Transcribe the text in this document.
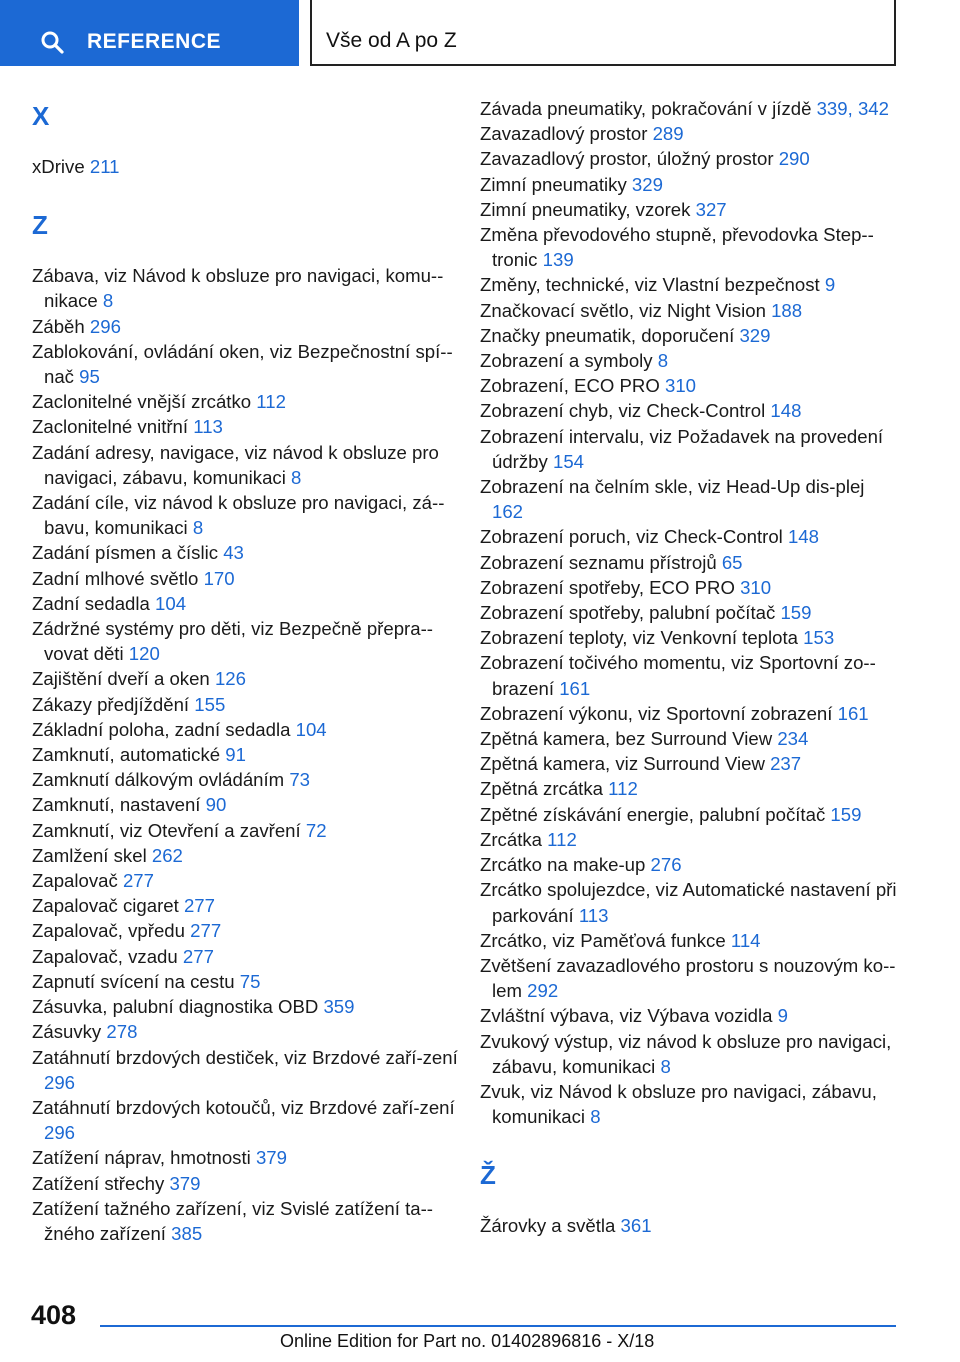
REFERENCE	Vše od A po Z
X
xDrive 211
Z
Zábava, viz Návod k obsluze pro navigaci, komu-nikace 8
Záběh 296
Zablokování, ovládání oken, viz Bezpečnostní spí-nač 95
Zaclonitelné vnější zrcátko 112
Zaclonitelné vnitřní 113
Zadání adresy, navigace, viz návod k obsluze pro navigaci, zábavu, komunikaci 8
Zadání cíle, viz návod k obsluze pro navigaci, zá-bavu, komunikaci 8
Zadání písmen a číslic 43
Zadní mlhové světlo 170
Zadní sedadla 104
Zádržné systémy pro děti, viz Bezpečně přepra-vovat děti 120
Zajištění dveří a oken 126
Zákazy předjíždění 155
Základní poloha, zadní sedadla 104
Zamknutí, automatické 91
Zamknutí dálkovým ovládáním 73
Zamknutí, nastavení 90
Zamknutí, viz Otevření a zavření 72
Zamlžení skel 262
Zapalovač 277
Zapalovač cigaret 277
Zapalovač, vpředu 277
Zapalovač, vzadu 277
Zapnutí svícení na cestu 75
Zásuvka, palubní diagnostika OBD 359
Zásuvky 278
Zatáhnutí brzdových destiček, viz Brzdové zaří-zení 296
Zatáhnutí brzdových kotoučů, viz Brzdové zaří-zení 296
Zatížení náprav, hmotnosti 379
Zatížení střechy 379
Zatížení tažného zařízení, viz Svislé zatížení ta-žného zařízení 385
Závada pneumatiky, pokračování v jízdě 339, 342
Zavazadlový prostor 289
Zavazadlový prostor, úložný prostor 290
Zimní pneumatiky 329
Zimní pneumatiky, vzorek 327
Změna převodového stupně, převodovka Step-tronic 139
Změny, technické, viz Vlastní bezpečnost 9
Značkovací světlo, viz Night Vision 188
Značky pneumatik, doporučení 329
Zobrazení a symboly 8
Zobrazení, ECO PRO 310
Zobrazení chyb, viz Check-Control 148
Zobrazení intervalu, viz Požadavek na provedení údržby 154
Zobrazení na čelním skle, viz Head-Up dis-plej 162
Zobrazení poruch, viz Check-Control 148
Zobrazení seznamu přístrojů 65
Zobrazení spotřeby, ECO PRO 310
Zobrazení spotřeby, palubní počítač 159
Zobrazení teploty, viz Venkovní teplota 153
Zobrazení točivého momentu, viz Sportovní zo-brazení 161
Zobrazení výkonu, viz Sportovní zobrazení 161
Zpětná kamera, bez Surround View 234
Zpětná kamera, viz Surround View 237
Zpětná zrcátka 112
Zpětné získávání energie, palubní počítač 159
Zrcátka 112
Zrcátko na make-up 276
Zrcátko spolujezdce, viz Automatické nastavení při parkování 113
Zrcátko, viz Paměťová funkce 114
Zvětšení zavazadlového prostoru s nouzovým ko-lem 292
Zvláštní výbava, viz Výbava vozidla 9
Zvukový výstup, viz návod k obsluze pro navigaci, zábavu, komunikaci 8
Zvuk, viz Návod k obsluze pro navigaci, zábavu, komunikaci 8
Ž
Žárovky a světla 361
408
Online Edition for Part no. 01402896816 - X/18
